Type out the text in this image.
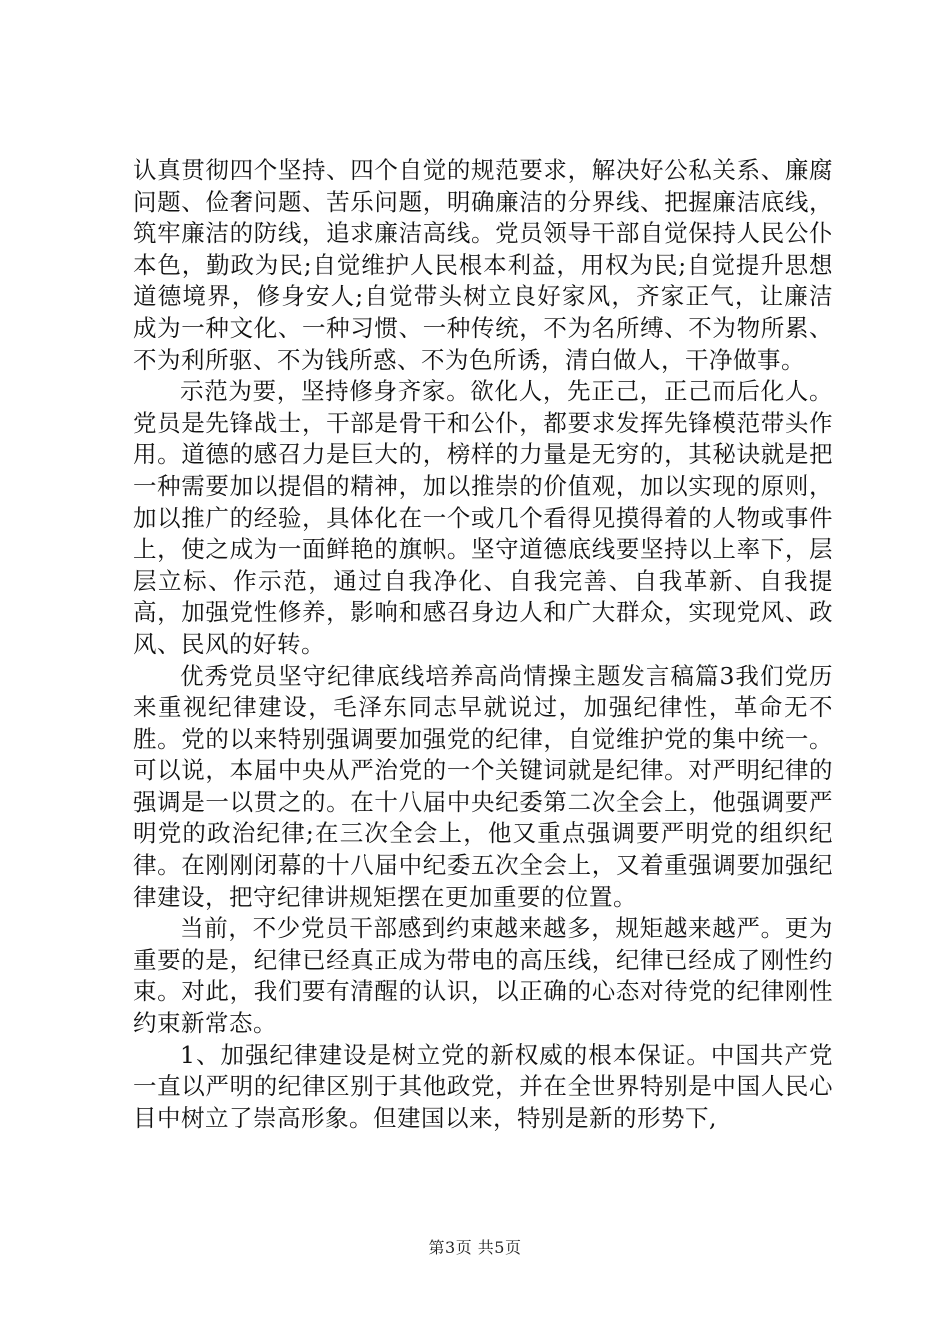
认真贯彻四个坚持、四个自觉的规范要求，解决好公私关系、廉腐问题、俭奢问题、苦乐问题，明确廉洁的分界线、把握廉洁底线，筑牢廉洁的防线，追求廉洁高线。党员领导干部自觉保持人民公仆本色，勤政为民;自觉维护人民根本利益，用权为民;自觉提升思想道德境界，修身安人;自觉带头树立良好家风，齐家正气，让廉洁成为一种文化、一种习惯、一种传统，不为名所缚、不为物所累、不为利所驱、不为钱所惑、不为色所诱，清白做人，干净做事。

示范为要，坚持修身齐家。欲化人，先正己，正己而后化人。党员是先锋战士，干部是骨干和公仆，都要求发挥先锋模范带头作用。道德的感召力是巨大的，榜样的力量是无穷的，其秘诀就是把一种需要加以提倡的精神，加以推崇的价值观，加以实现的原则，加以推广的经验，具体化在一个或几个看得见摸得着的人物或事件上，使之成为一面鲜艳的旗帜。坚守道德底线要坚持以上率下，层层立标、作示范，通过自我净化、自我完善、自我革新、自我提高，加强党性修养，影响和感召身边人和广大群众，实现党风、政风、民风的好转。

优秀党员坚守纪律底线培养高尚情操主题发言稿篇3我们党历来重视纪律建设，毛泽东同志早就说过，加强纪律性，革命无不胜。党的以来特别强调要加强党的纪律，自觉维护党的集中统一。可以说，本届中央从严治党的一个关键词就是纪律。对严明纪律的强调是一以贯之的。在十八届中央纪委第二次全会上，他强调要严明党的政治纪律;在三次全会上，他又重点强调要严明党的组织纪律。在刚刚闭幕的十八届中纪委五次全会上，又着重强调要加强纪律建设，把守纪律讲规矩摆在更加重要的位置。

当前，不少党员干部感到约束越来越多，规矩越来越严。更为重要的是，纪律已经真正成为带电的高压线，纪律已经成了刚性约束。对此，我们要有清醒的认识，以正确的心态对待党的纪律刚性约束新常态。

1、加强纪律建设是树立党的新权威的根本保证。中国共产党一直以严明的纪律区别于其他政党，并在全世界特别是中国人民心目中树立了崇高形象。但建国以来，特别是新的形势下,

第3页 共5页
